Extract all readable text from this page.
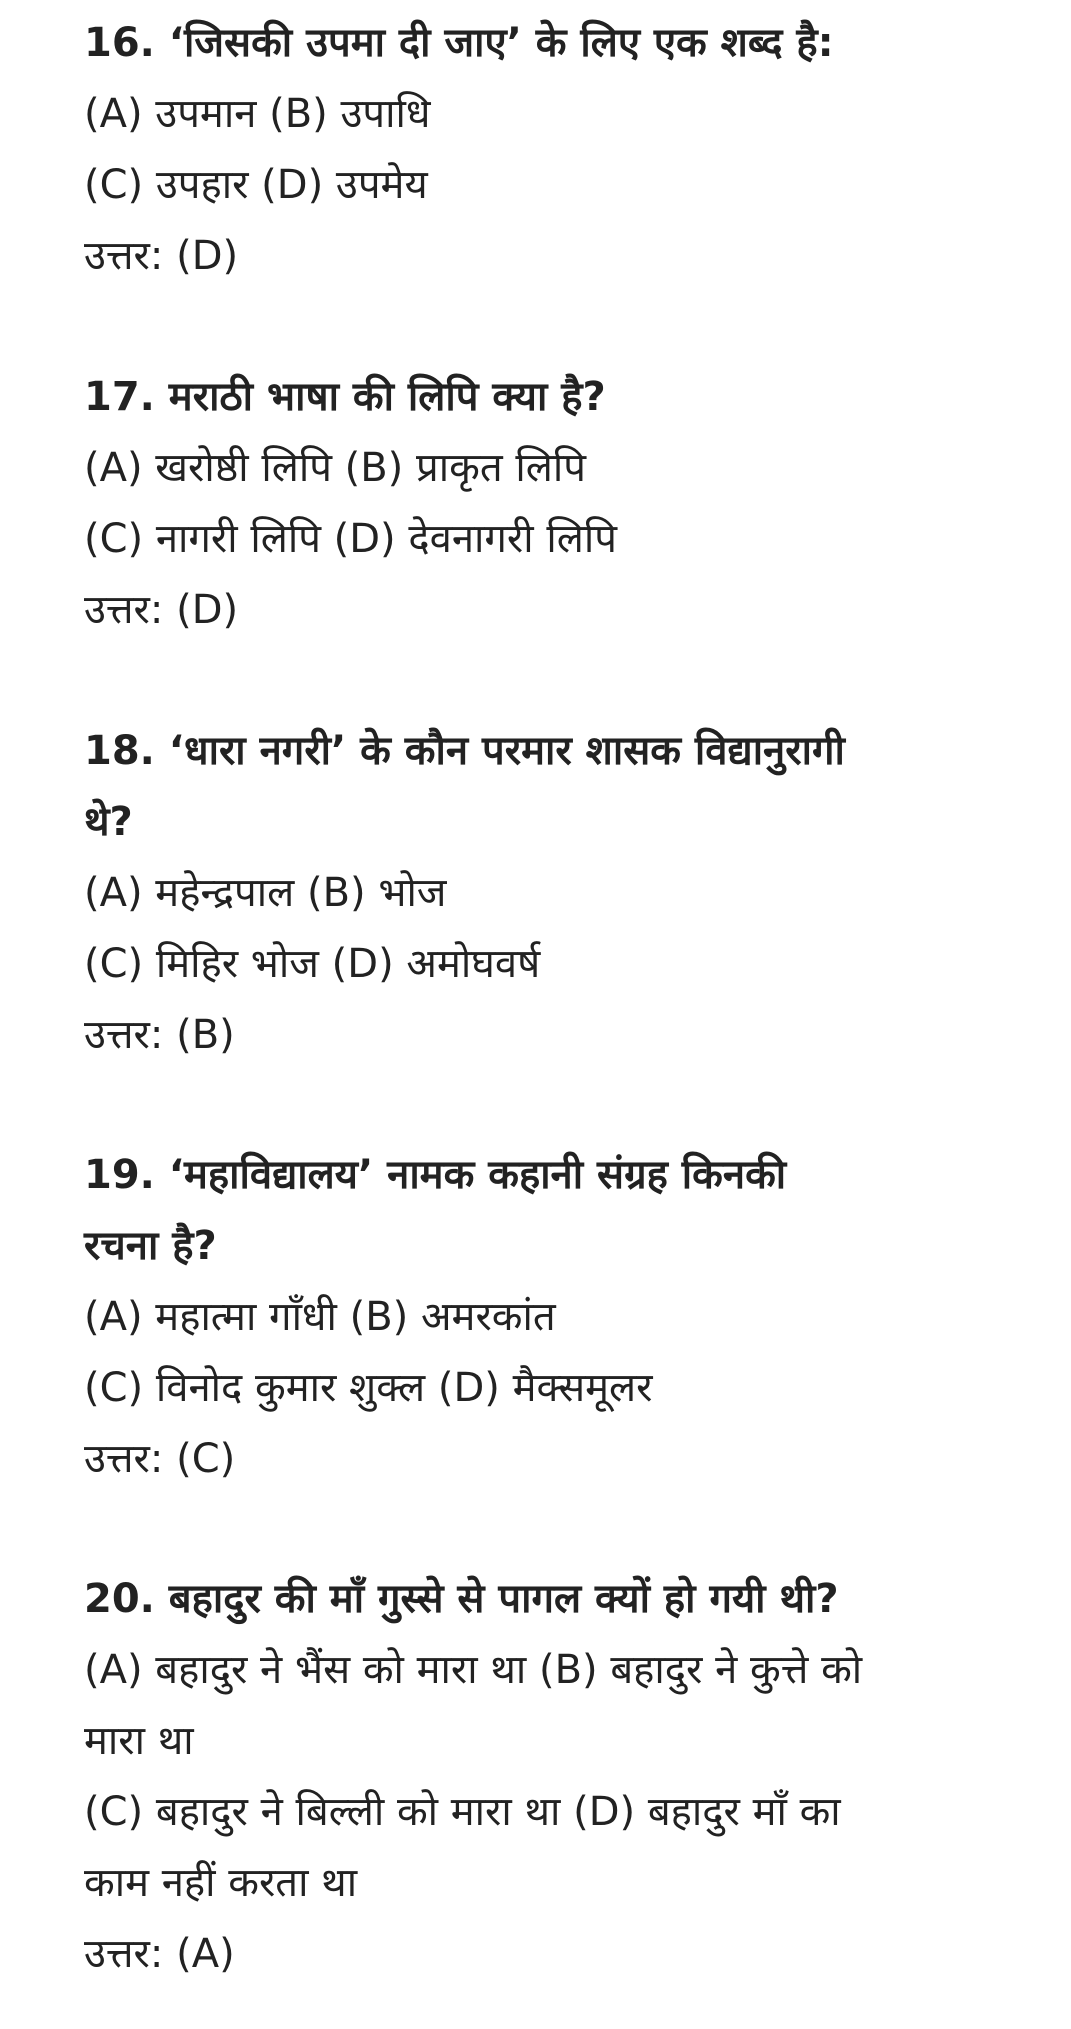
16. ‘जिसकी उपमा दी जाए’ के लिए एक शब्द है:
(A) उपमान (B) उपाधि
(C) उपहार (D) उपमेय
उत्तर: (D)
17. मराठी भाषा की लिपि क्या है?
(A) खरोष्ठी लिपि (B) प्राकृत लिपि
(C) नागरी लिपि (D) देवनागरी लिपि
उत्तर: (D)
18. ‘धारा नगरी’ के कौन परमार शासक विद्यानुरागी
थे?
(A) महेन्द्रपाल (B) भोज
(C) मिहिर भोज (D) अमोघवर्ष
उत्तर: (B)
19. ‘महाविद्यालय’ नामक कहानी संग्रह किनकी
रचना है?
(A) महात्मा गाँधी (B) अमरकांत
(C) विनोद कुमार शुक्ल (D) मैक्समूलर
उत्तर: (C)
20. बहादुर की माँ गुस्से से पागल क्यों हो गयी थी?
(A) बहादुर ने भैंस को मारा था (B) बहादुर ने कुत्ते को
मारा था
(C) बहादुर ने बिल्ली को मारा था (D) बहादुर माँ का
काम नहीं करता था
उत्तर: (A)
